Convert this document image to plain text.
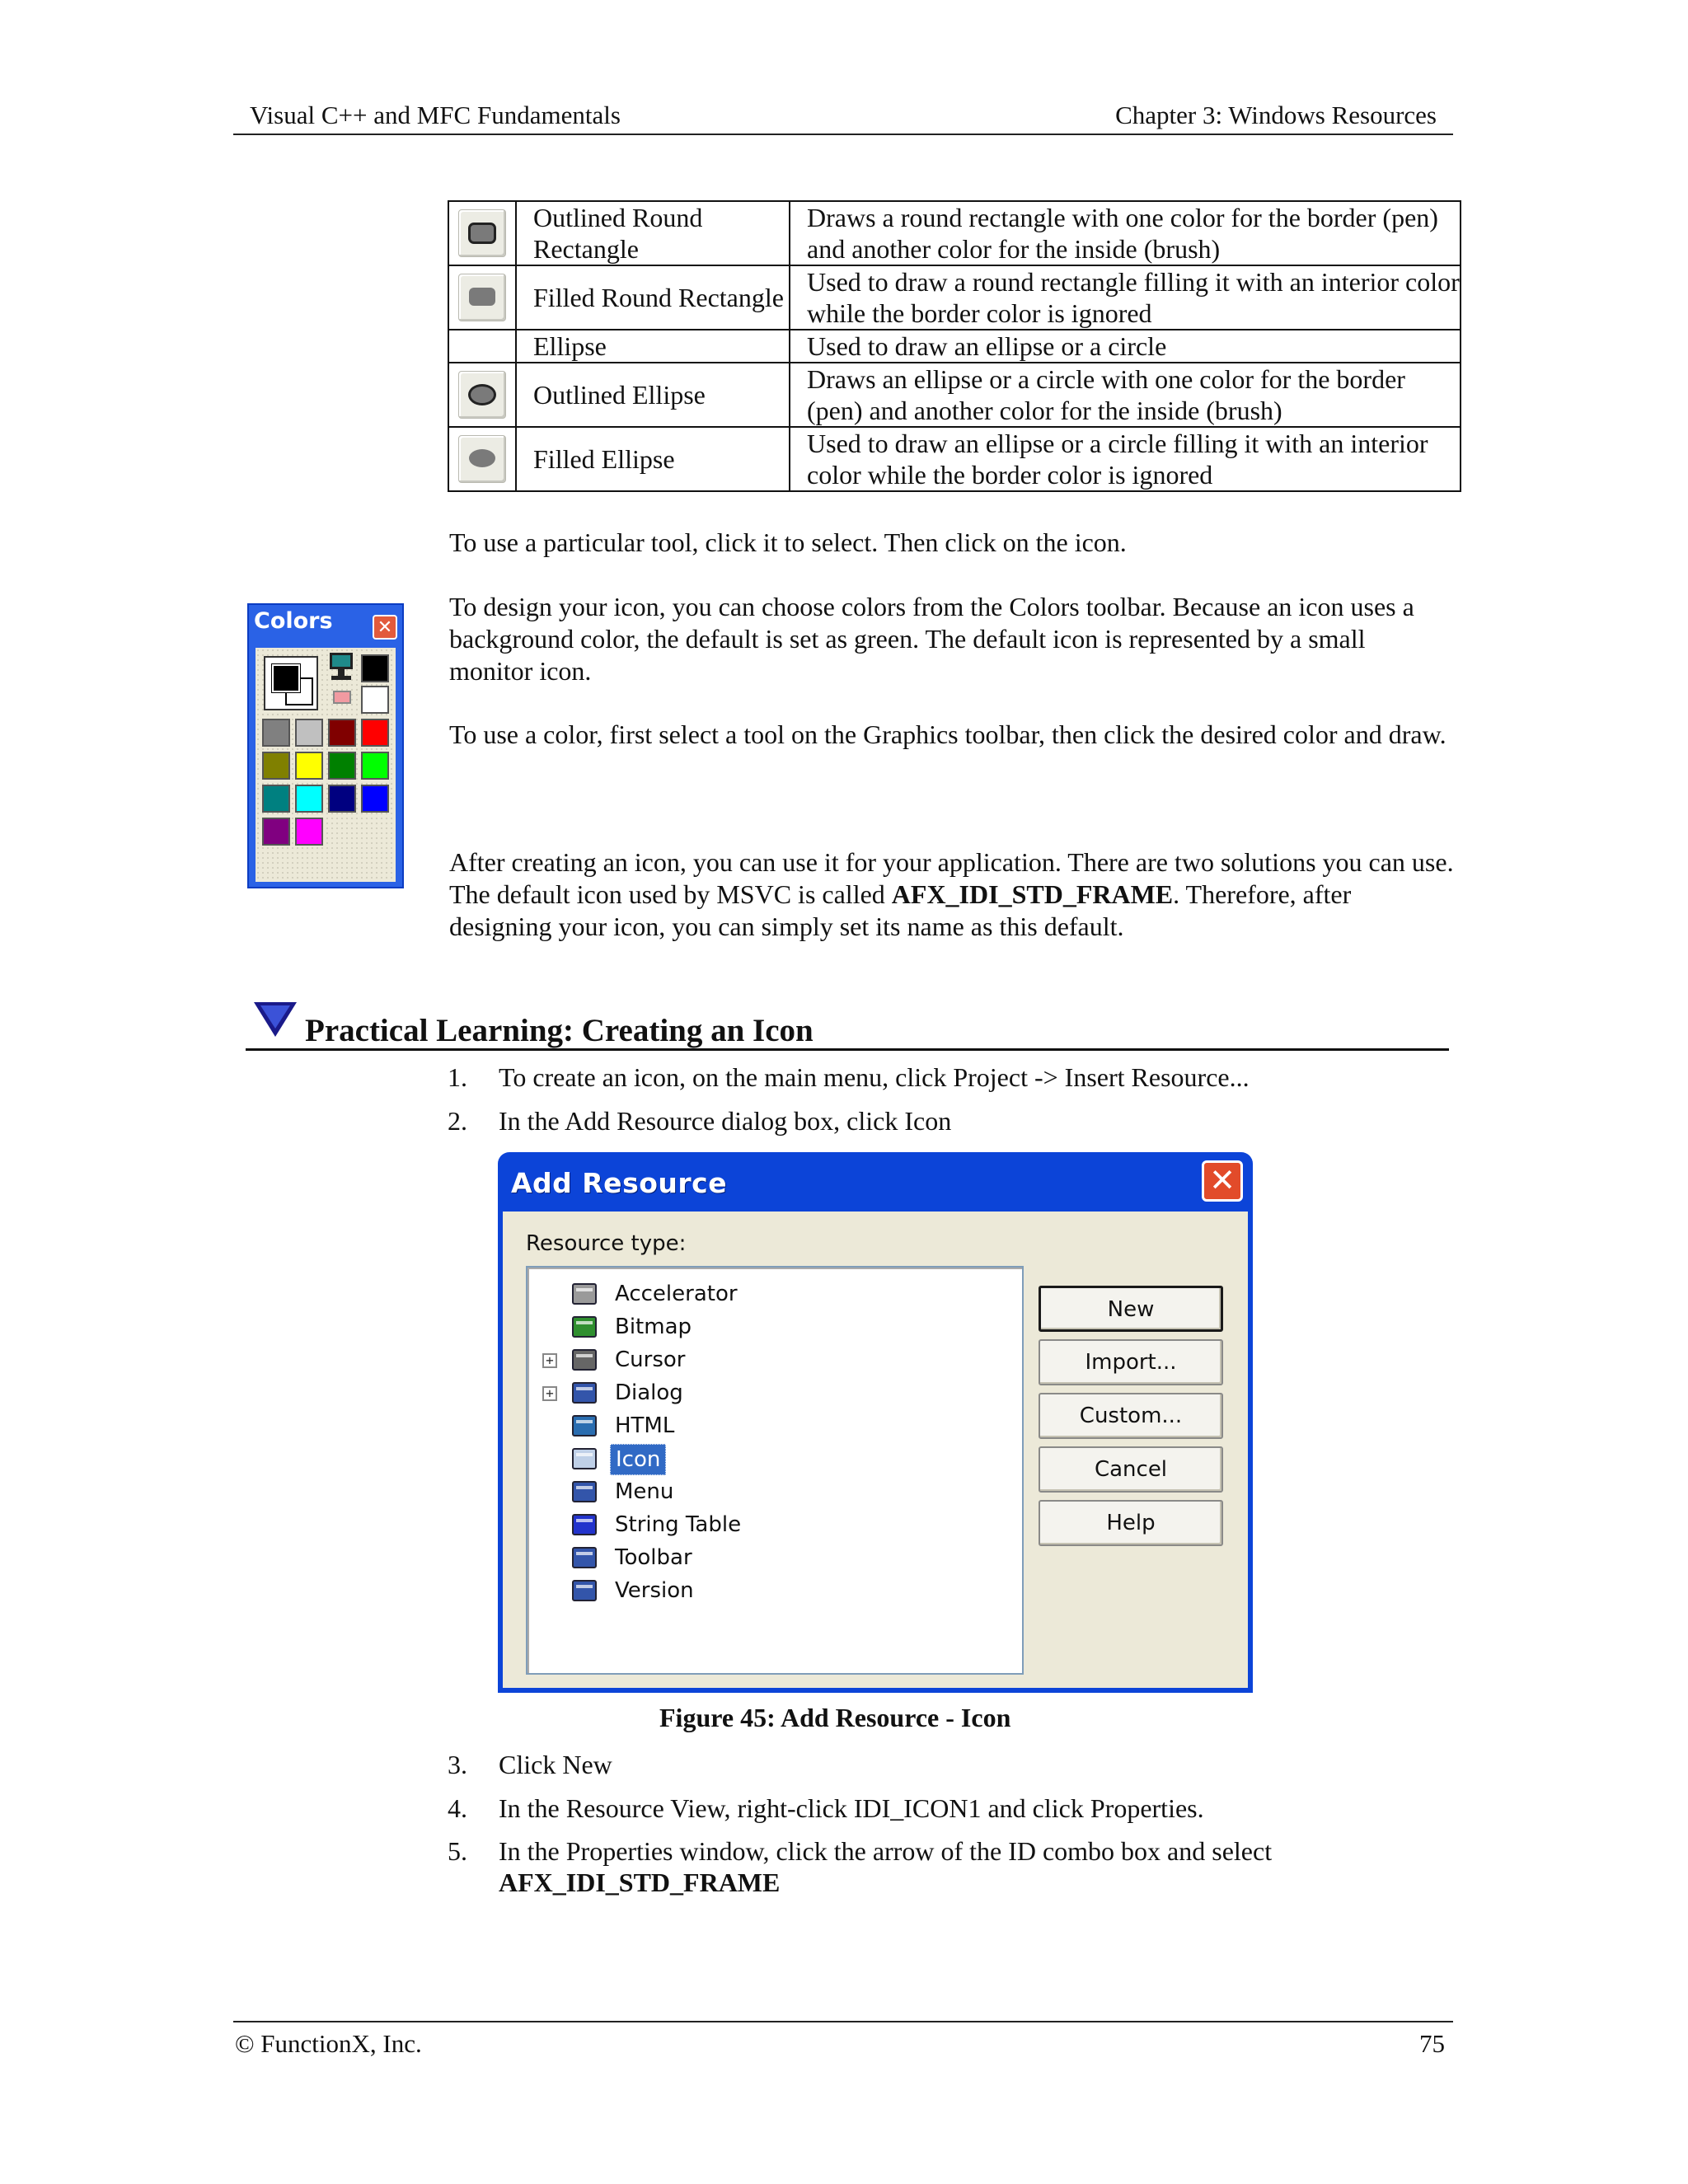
Visual C++ and MFC Fundamentals	Chapter 3: Windows Resources
	Outlined Round Rectangle	Draws a round rectangle with one color for the border (pen) and another color for the inside (brush)

	Filled Round Rectangle	Used to draw a round rectangle filling it with an interior color while the border color is ignored
	Ellipse	Used to draw an ellipse or a circle

	Outlined Ellipse	Draws an ellipse or a circle with one color for the border (pen) and another color for the inside (brush)

	Filled Ellipse	Used to draw an ellipse or a circle filling it with an interior color while the border color is ignored
To use a particular tool, click it to select. Then click on the icon.
To design your icon, you can choose colors from the Colors toolbar. Because an icon uses a background color, the default is set as green. The default icon is represented by a small monitor icon.
To use a color, first select a tool on the Graphics toolbar, then click the desired color and draw.
After creating an icon, you can use it for your application. There are two solutions you can use. The default icon used by MSVC is called AFX_IDI_STD_FRAME. Therefore, after designing your icon, you can simply set its name as this default.
Colors ✕
Practical Learning: Creating an Icon
1. To create an icon, on the main menu, click Project -> Insert Resource...
2. In the Add Resource dialog box, click Icon
Add Resource	✕
Resource type:
Accelerator
Bitmap
+	Cursor
+	Dialog
HTML
Icon
Menu
String Table
Toolbar
Version
New
Import...
Custom...
Cancel
Help
Figure 45: Add Resource - Icon
3. Click New
4. In the Resource View, right-click IDI_ICON1 and click Properties.
5. In the Properties window, click the arrow of the ID combo box and select
AFX_IDI_STD_FRAME
© FunctionX, Inc.	75
